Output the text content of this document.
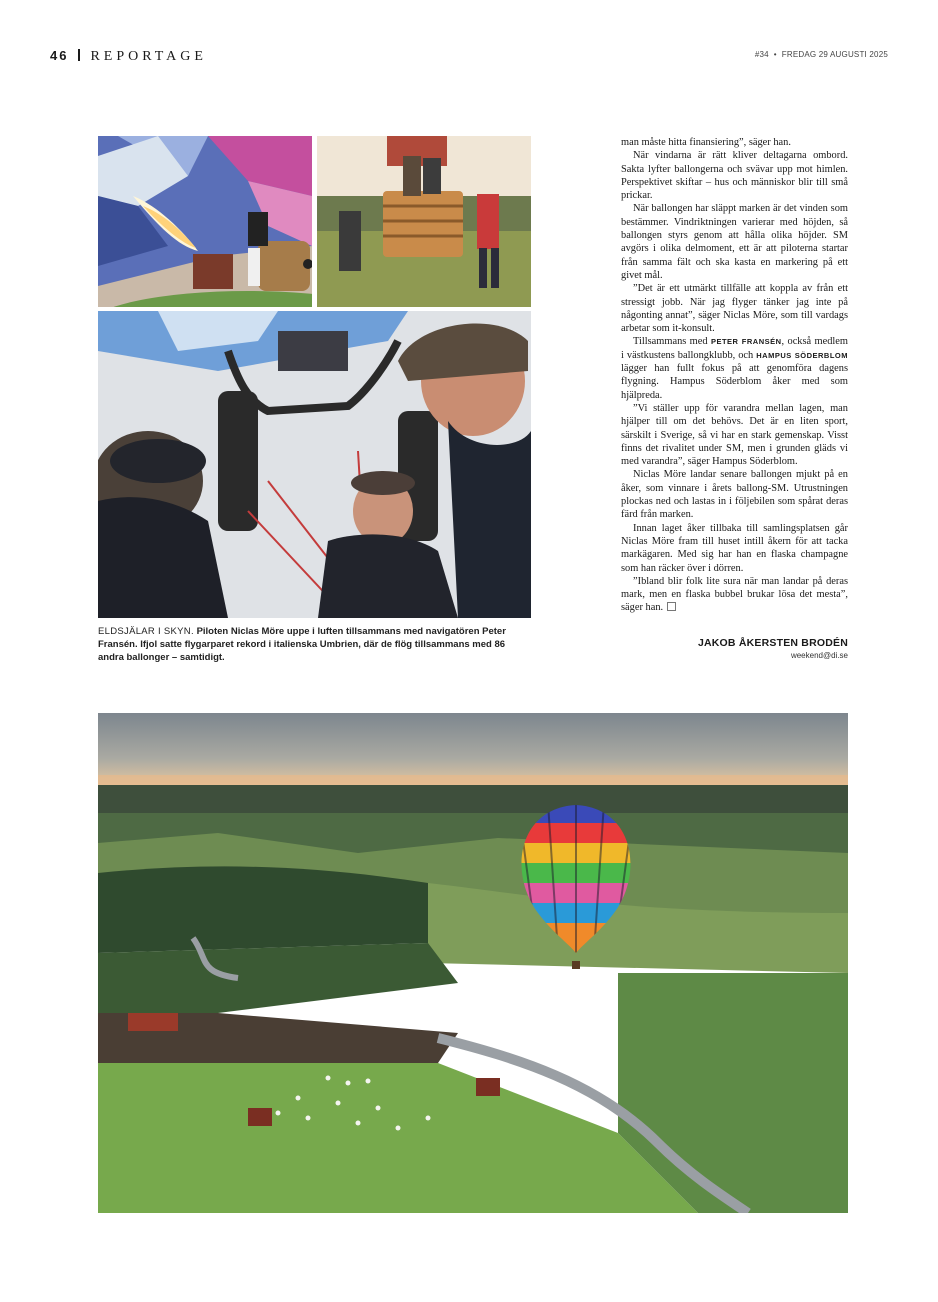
46 REPORTAGE	#34 • FREDAG 29 AUGUSTI 2025
ELDSJÄLAR I SKYN. Piloten Niclas Möre uppe i luften tillsammans med navigatören Peter Fransén. Ifjol satte flygarparet rekord i italienska Umbrien, där de flög tillsammans med 86 andra ballonger – samtidigt.

man måste hitta finansiering”, säger han.

När vindarna är rätt kliver deltagarna ombord. Sakta lyfter ballongerna och svävar upp mot himlen. Perspektivet skiftar – hus och människor blir till små prickar.

När ballongen har släppt marken är det vinden som bestämmer. Vindriktningen varierar med höjden, så ballongen styrs genom att hålla olika höjder. SM avgörs i olika delmoment, ett är att piloterna startar från samma fält och ska kasta en markering på ett givet mål.

”Det är ett utmärkt tillfälle att koppla av från ett stressigt jobb. När jag flyger tänker jag inte på någonting annat”, säger Niclas Möre, som till vardags arbetar som it-konsult.

Tillsammans med PETER FRANSÉN, också medlem i västkustens ballongklubb, och HAMPUS SÖDERBLOM lägger han fullt fokus på att genomföra dagens flygning. Hampus Söderblom åker med som hjälpreda.

”Vi ställer upp för varandra mellan lagen, man hjälper till om det behövs. Det är en liten sport, särskilt i Sverige, så vi har en stark gemenskap. Visst finns det rivalitet under SM, men i grunden gläds vi med varandra”, säger Hampus Söderblom.

Niclas Möre landar senare ballongen mjukt på en åker, som vinnare i årets ballong-SM. Utrustningen plockas ned och lastas in i följebilen som spårat deras färd från marken.

Innan laget åker tillbaka till samlingsplatsen går Niclas Möre fram till huset intill åkern för att tacka markägaren. Med sig har han en flaska champagne som han räcker över i dörren.

”Ibland blir folk lite sura när man landar på deras mark, men en flaska bubbel brukar lösa det mesta”, säger han.

JAKOB ÅKERSTEN BRODÉN
weekend@di.se
